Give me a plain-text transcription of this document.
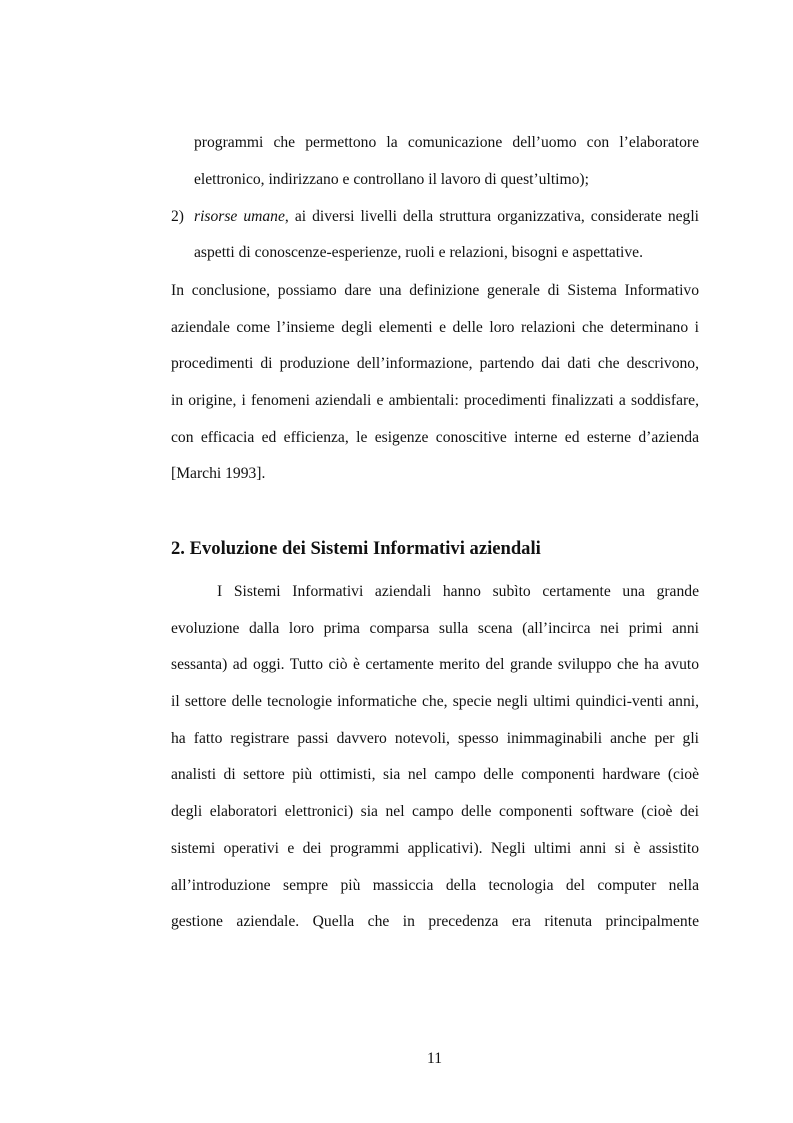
programmi che permettono la comunicazione dell’uomo con l’elaboratore

elettronico, indirizzano e controllano il lavoro di quest’ultimo);

2) risorse umane, ai diversi livelli della struttura organizzativa, considerate negli

aspetti di conoscenze-esperienze, ruoli e relazioni, bisogni e aspettative.

In conclusione, possiamo dare una definizione generale di Sistema Informativo

aziendale come l’insieme degli elementi e delle loro relazioni che determinano i

procedimenti di produzione dell’informazione, partendo dai dati che descrivono,

in origine, i fenomeni aziendali e ambientali: procedimenti finalizzati a soddisfare,

con efficacia ed efficienza, le esigenze conoscitive interne ed esterne d’azienda

[Marchi 1993].

2. Evoluzione dei Sistemi Informativi aziendali

I Sistemi Informativi aziendali hanno subìto certamente una grande

evoluzione dalla loro prima comparsa sulla scena (all’incirca nei primi anni

sessanta) ad oggi. Tutto ciò è certamente merito del grande sviluppo che ha avuto

il settore delle tecnologie informatiche che, specie negli ultimi quindici-venti anni,

ha fatto registrare passi davvero notevoli, spesso inimmaginabili anche per gli

analisti di settore più ottimisti, sia nel campo delle componenti hardware (cioè

degli elaboratori elettronici) sia nel campo delle componenti software (cioè dei

sistemi operativi e dei programmi applicativi). Negli ultimi anni si è assistito

all’introduzione sempre più massiccia della tecnologia del computer nella

gestione aziendale. Quella che in precedenza era ritenuta principalmente

11
